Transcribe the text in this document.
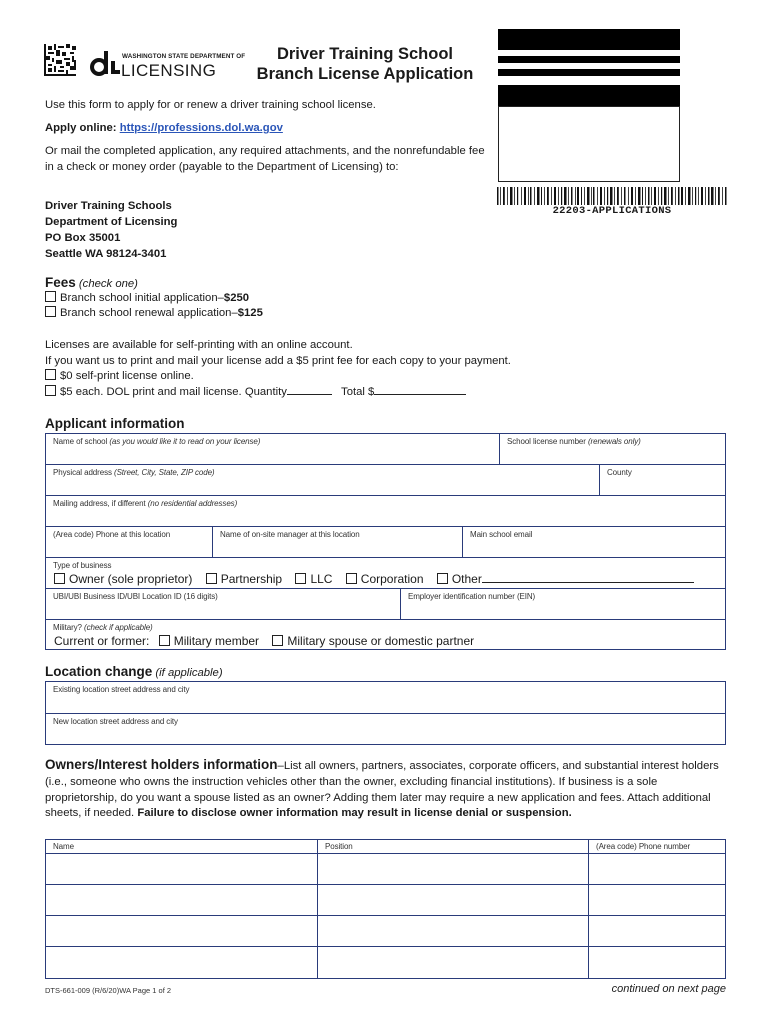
WASHINGTON STATE DEPARTMENT OF
LICENSING
Driver Training School
Branch License Application
22203-APPLICATIONS
Use this form to apply for or renew a driver training school license.
Apply online: https://professions.dol.wa.gov
Or mail the completed application, any required attachments, and the nonrefundable fee in a check or money order (payable to the Department of Licensing) to:
Driver Training Schools
Department of Licensing
PO Box 35001
Seattle WA 98124-3401
Fees (check one)
Branch school initial application–$250
Branch school renewal application–$125
Licenses are available for self-printing with an online account.
If you want us to print and mail your license add a $5 print fee for each copy to your payment.
$0 self-print license online.
$5 each. DOL print and mail license. Quantity	Total $
Applicant information
Name of school (as you would like it to read on your license)	School license number (renewals only)
Physical address (Street, City, State, ZIP code)	County
Mailing address, if different (no residential addresses)
(Area code) Phone at this location	Name of on-site manager at this location	Main school email
Type of business
Owner (sole proprietor) Partnership LLC Corporation Other
UBI/UBI Business ID/UBI Location ID (16 digits)	Employer identification number (EIN)
Military? (check if applicable)
Current or former: Military member Military spouse or domestic partner
Location change (if applicable)
Existing location street address and city
New location street address and city
Owners/Interest holders information–List all owners, partners, associates, corporate officers, and substantial interest holders (i.e., someone who owns the instruction vehicles other than the owner, excluding financial institutions). If business is a sole proprietorship, do you want a spouse listed as an owner? Adding them later may require a new application and fees. Attach additional sheets, if needed. Failure to disclose owner information may result in license denial or suspension.
Name	Position	(Area code) Phone number
DTS-661-009 (R/6/20)WA Page 1 of 2	continued on next page
